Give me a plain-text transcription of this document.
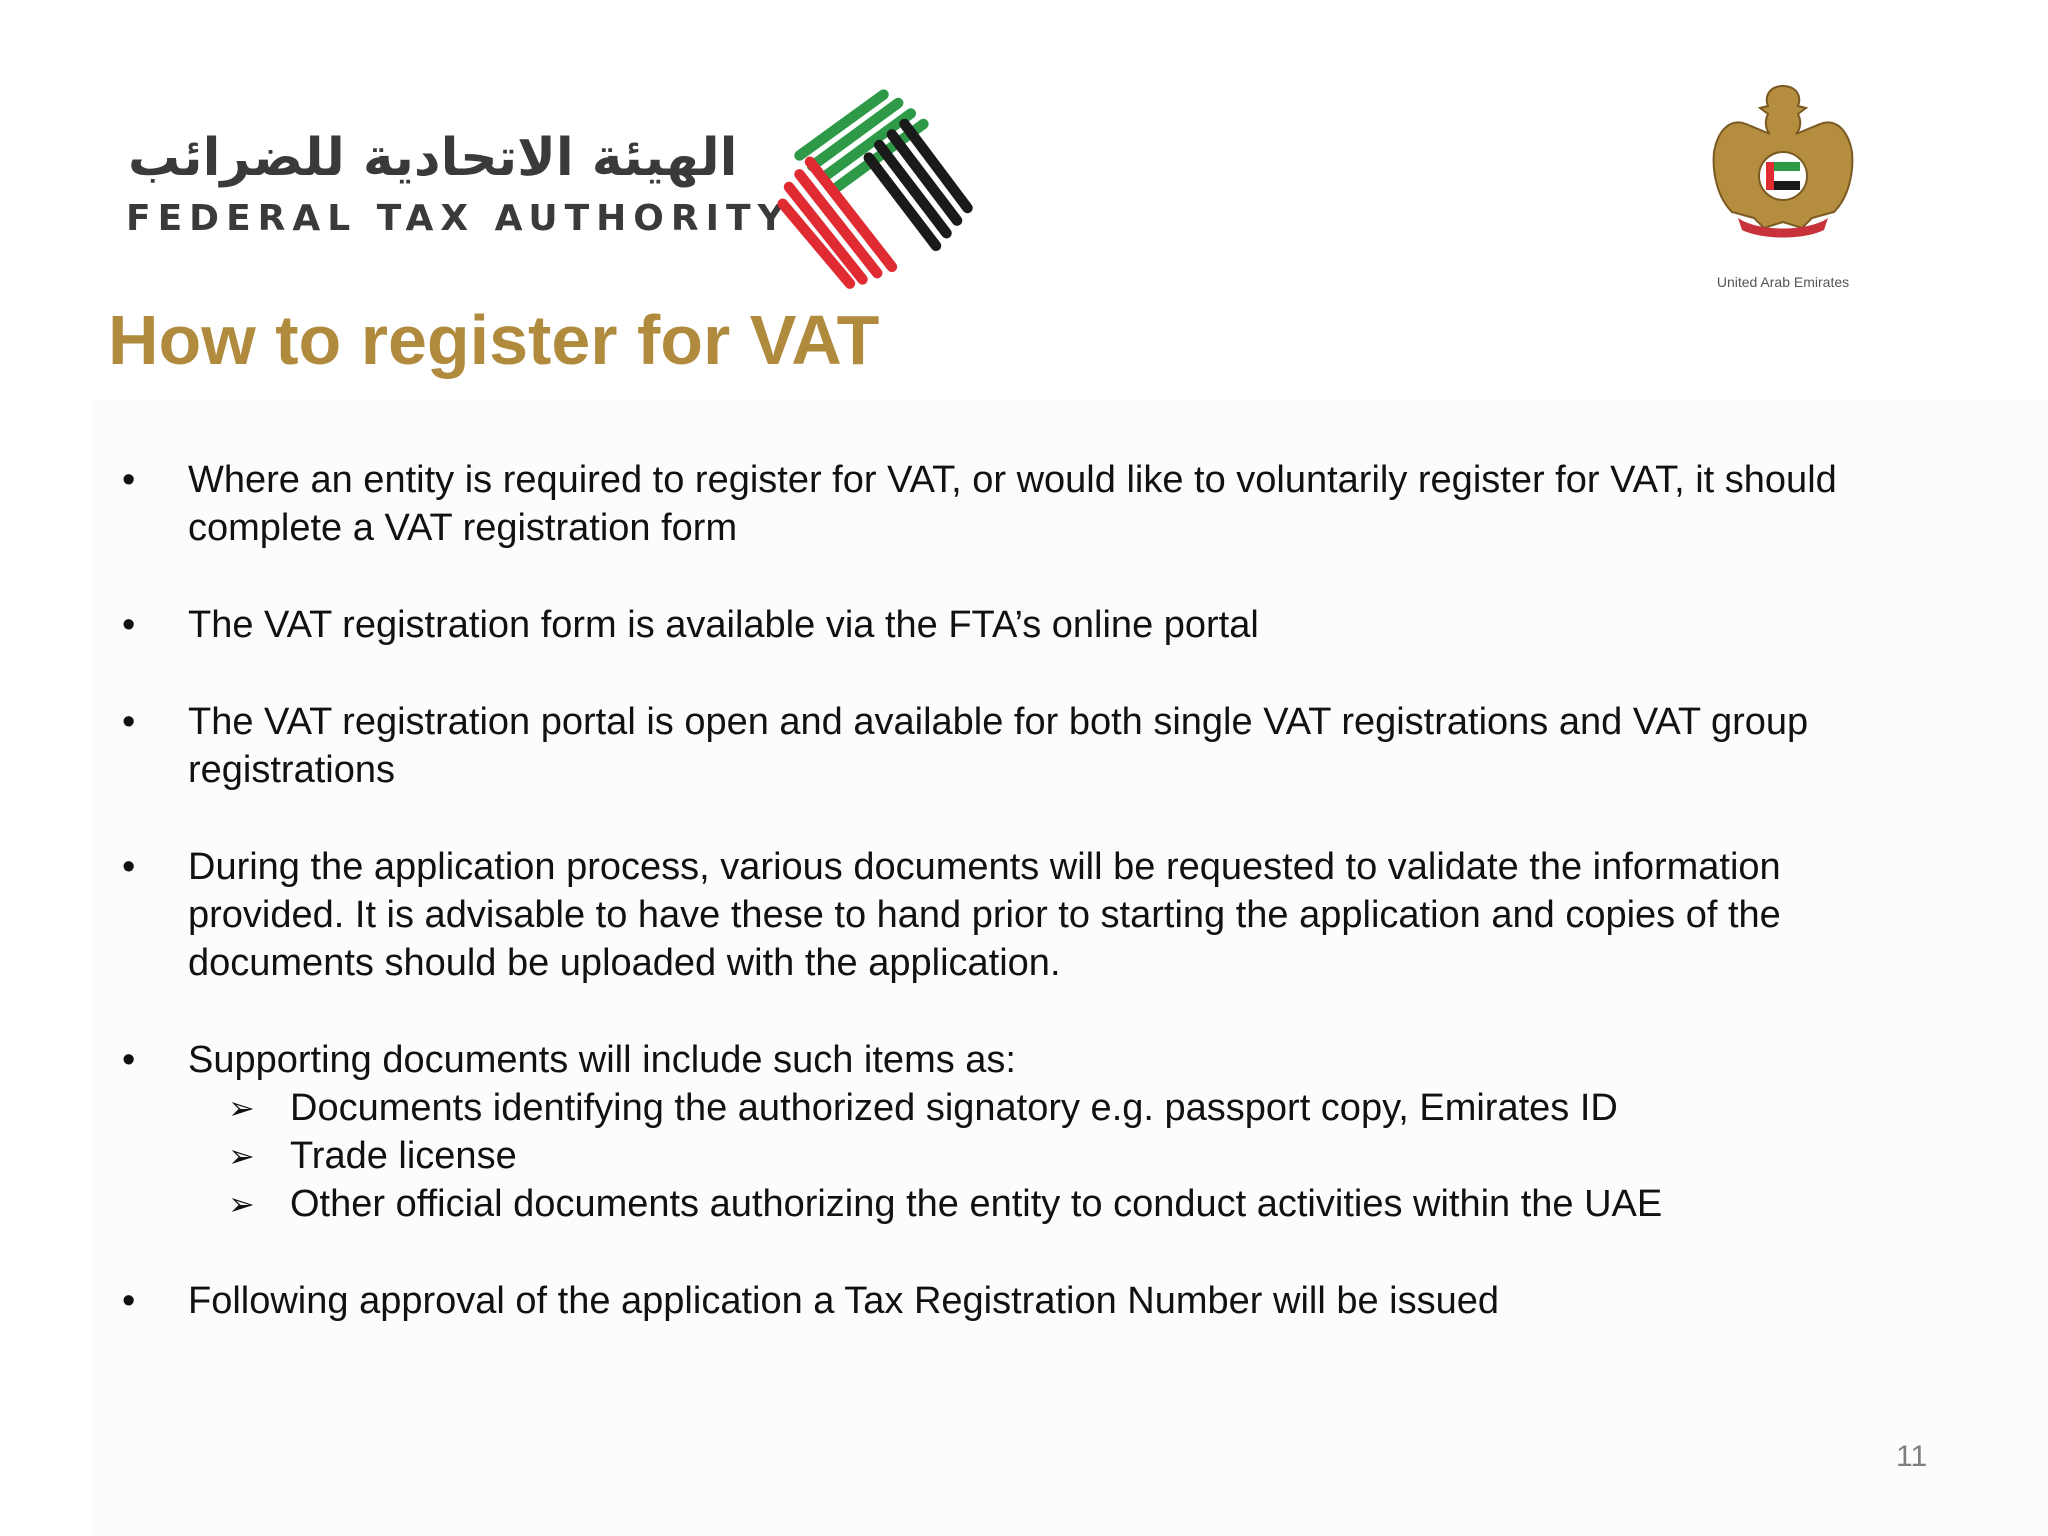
الهيئة الاتحادية للضرائب
FEDERAL TAX AUTHORITY
United Arab Emirates
How to register for VAT
• Where an entity is required to register for VAT, or would like to voluntarily register for VAT, it should complete a VAT registration form
• The VAT registration form is available via the FTA’s online portal
• The VAT registration portal is open and available for both single VAT registrations and VAT group registrations
• During the application process, various documents will be requested to validate the information provided. It is advisable to have these to hand prior to starting the application and copies of the documents should be uploaded with the application.
• Supporting documents will include such items as:
➢ Documents identifying the authorized signatory e.g. passport copy, Emirates ID
➢ Trade license
➢ Other official documents authorizing the entity to conduct activities within the UAE
• Following approval of the application a Tax Registration Number will be issued
11
